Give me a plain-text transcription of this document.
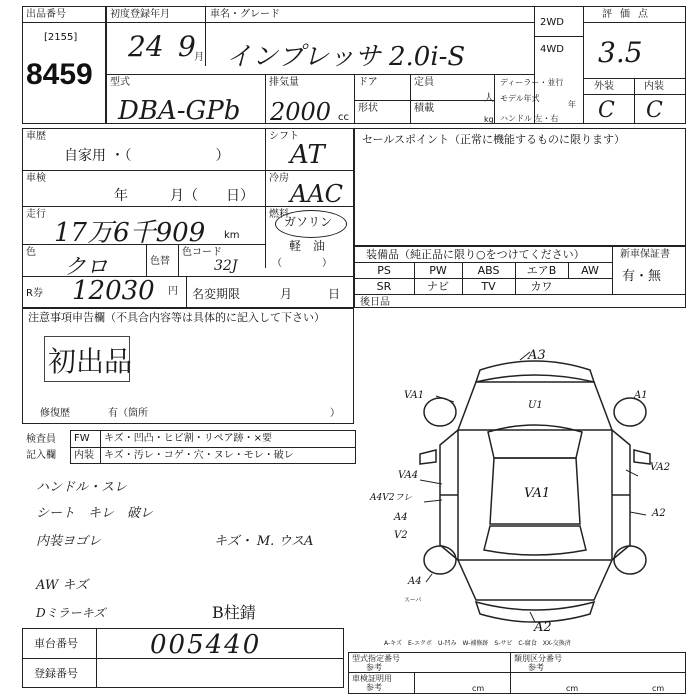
出品番号
[2155]
8459
初度登録年月
24 9
月
車名・グレード
インプレッサ 2.0i-S
2WD
4WD
評価点
3.5
外装	内装
C C
型式
DBA-GPb
排気量
2000 cc
ドア	定員
人
形状	積載
kg
ディーラー・並行
モデル年式
年
ハンドル 左・右
車歴
自家用 ・（　　　　　　）
シフト
AT
車検
年　　　月（　　日）
冷房
AAC
走行
17万6千909 km
燃料
ガソリン
軽　油
（　　　　）
色
クロ	色替
色コード
32J
R券 12030 円 名変期限	月　　　日
セールスポイント（正常に機能するものに限ります）
装備品（純正品に限り○をつけてください）	新車保証書
有・無
PS	PW	ABS	エアB	AW
SR	ナビ	TV	カワ
後日品
注意事項申告欄（不具合内容等は具体的に記入して下さい）
初出品
修復歴	有（箇所	）
検査員
記入欄
FW キズ・凹凸・ヒビ割・リペア跡・×要
内装 キズ・汚レ・コゲ・穴・ヌレ・モレ・破レ
ハンドル・スレ
シート　キレ　破レ
内装ヨゴレ	キズ・ M. ウスA
AW キズ
Dミラーキズ	B柱錆
車台番号	005440
登録番号
A3
VA1	A1
U1
VA1
VA2
VA4
A4V2フレ
A4
V2
A2
A4
A2
スーパ
A-キズ　E-エクボ　U-凹み　W-補修跡　S-サビ　C-腐食　XX-交換済
型式指定番号
参考
類別区分番号
参考
車検証明用
参考	cm	cm	cm
